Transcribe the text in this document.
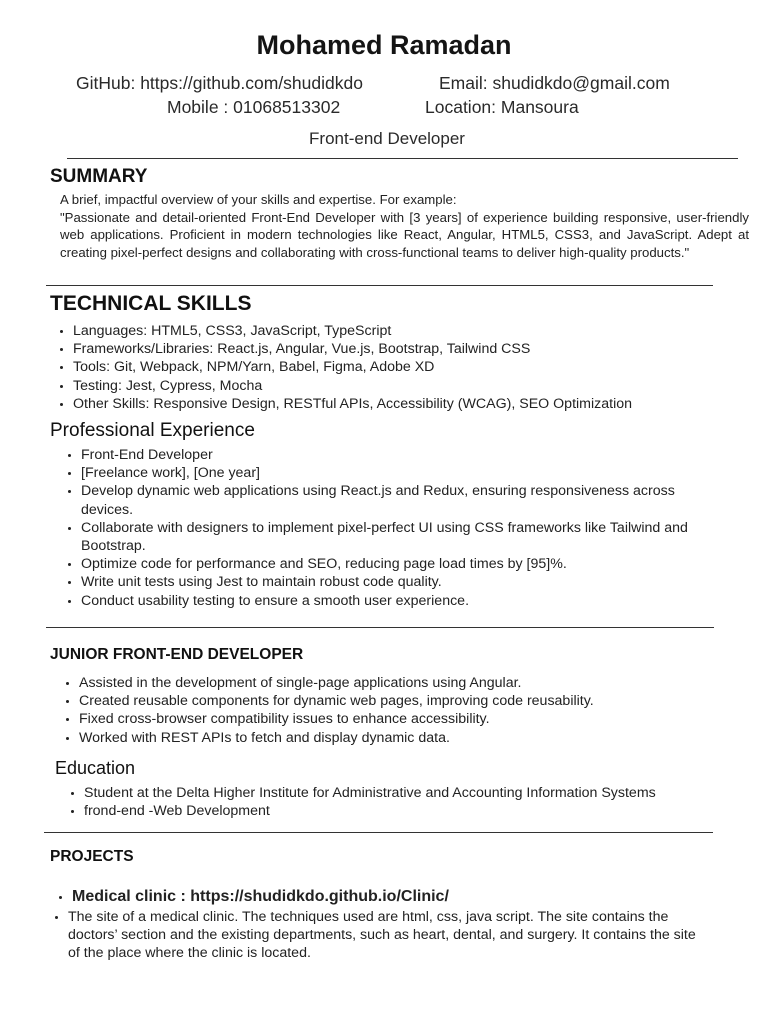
Mohamed Ramadan
GitHub: https://github.com/shudidkdo	Email: shudidkdo@gmail.com
Mobile : 01068513302	Location: Mansoura
Front-end Developer
SUMMARY
A brief, impactful overview of your skills and expertise. For example:
"Passionate and detail-oriented Front-End Developer with [3 years] of experience building responsive, user-friendly web applications. Proficient in modern technologies like React, Angular, HTML5, CSS3, and JavaScript. Adept at creating pixel-perfect designs and collaborating with cross-functional teams to deliver high-quality products."
TECHNICAL SKILLS
• Languages: HTML5, CSS3, JavaScript, TypeScript
• Frameworks/Libraries: React.js, Angular, Vue.js, Bootstrap, Tailwind CSS
• Tools: Git, Webpack, NPM/Yarn, Babel, Figma, Adobe XD
• Testing: Jest, Cypress, Mocha
• Other Skills: Responsive Design, RESTful APIs, Accessibility (WCAG), SEO Optimization
Professional Experience
• Front-End Developer
• [Freelance work], [One year]
• Develop dynamic web applications using React.js and Redux, ensuring responsiveness across devices.
• Collaborate with designers to implement pixel-perfect UI using CSS frameworks like Tailwind and Bootstrap.
• Optimize code for performance and SEO, reducing page load times by [95]%.
• Write unit tests using Jest to maintain robust code quality.
• Conduct usability testing to ensure a smooth user experience.
JUNIOR FRONT-END DEVELOPER
• Assisted in the development of single-page applications using Angular.
• Created reusable components for dynamic web pages, improving code reusability.
• Fixed cross-browser compatibility issues to enhance accessibility.
• Worked with REST APIs to fetch and display dynamic data.
Education
• Student at the Delta Higher Institute for Administrative and Accounting Information Systems
• frond-end -Web Development
PROJECTS
• Medical clinic : https://shudidkdo.github.io/Clinic/
• The site of a medical clinic. The techniques used are html, css, java script. The site contains the doctors’ section and the existing departments, such as heart, dental, and surgery. It contains the site of the place where the clinic is located.
